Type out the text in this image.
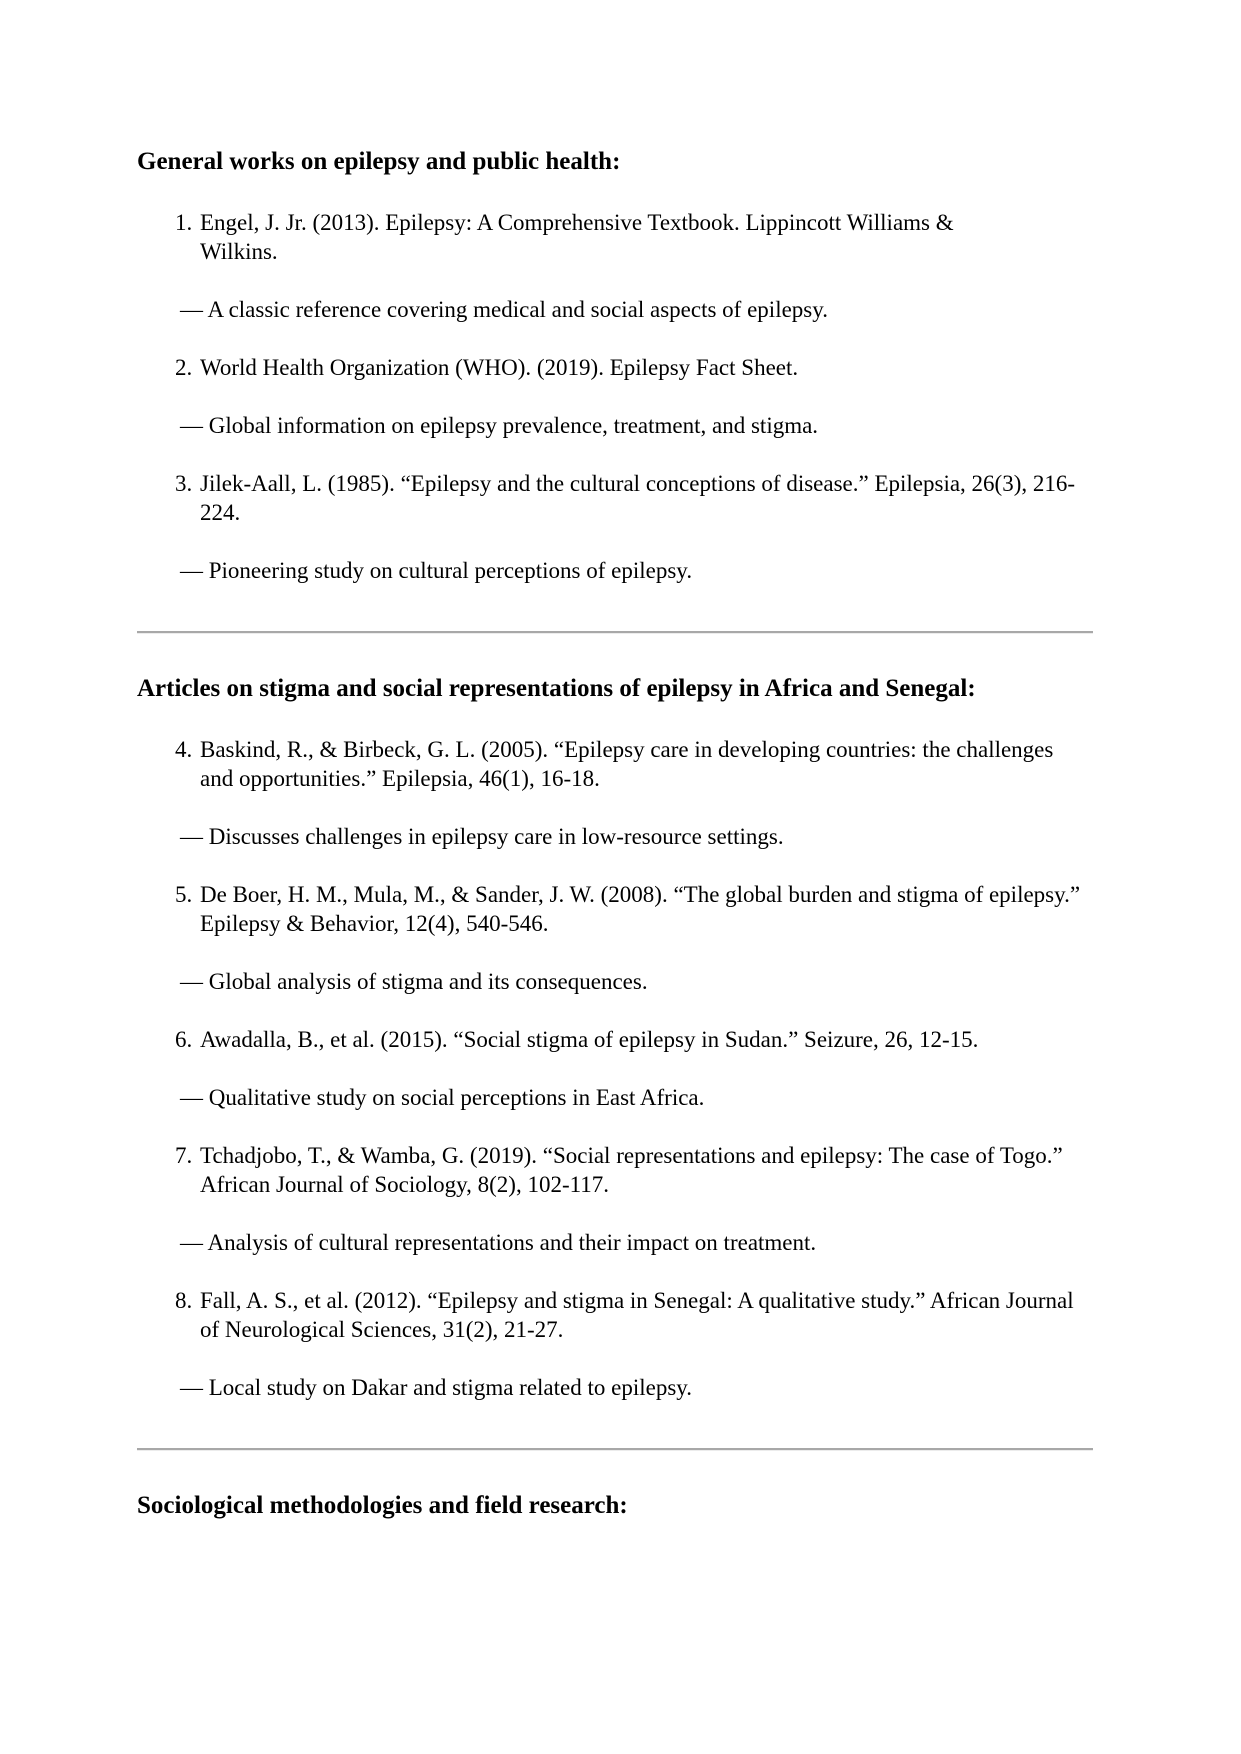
General works on epilepsy and public health:
1. Engel, J. Jr. (2013). Epilepsy: A Comprehensive Textbook. Lippincott Williams & Wilkins.

— A classic reference covering medical and social aspects of epilepsy.

2. World Health Organization (WHO). (2019). Epilepsy Fact Sheet.

— Global information on epilepsy prevalence, treatment, and stigma.

3. Jilek-Aall, L. (1985). “Epilepsy and the cultural conceptions of disease.” Epilepsia, 26(3), 216-224.

— Pioneering study on cultural perceptions of epilepsy.

Articles on stigma and social representations of epilepsy in Africa and Senegal:
4. Baskind, R., & Birbeck, G. L. (2005). “Epilepsy care in developing countries: the challenges and opportunities.” Epilepsia, 46(1), 16-18.

— Discusses challenges in epilepsy care in low-resource settings.

5. De Boer, H. M., Mula, M., & Sander, J. W. (2008). “The global burden and stigma of epilepsy.” Epilepsy & Behavior, 12(4), 540-546.

— Global analysis of stigma and its consequences.

6. Awadalla, B., et al. (2015). “Social stigma of epilepsy in Sudan.” Seizure, 26, 12-15.

— Qualitative study on social perceptions in East Africa.

7. Tchadjobo, T., & Wamba, G. (2019). “Social representations and epilepsy: The case of Togo.” African Journal of Sociology, 8(2), 102-117.

— Analysis of cultural representations and their impact on treatment.

8. Fall, A. S., et al. (2012). “Epilepsy and stigma in Senegal: A qualitative study.” African Journal of Neurological Sciences, 31(2), 21-27.

— Local study on Dakar and stigma related to epilepsy.

Sociological methodologies and field research:
